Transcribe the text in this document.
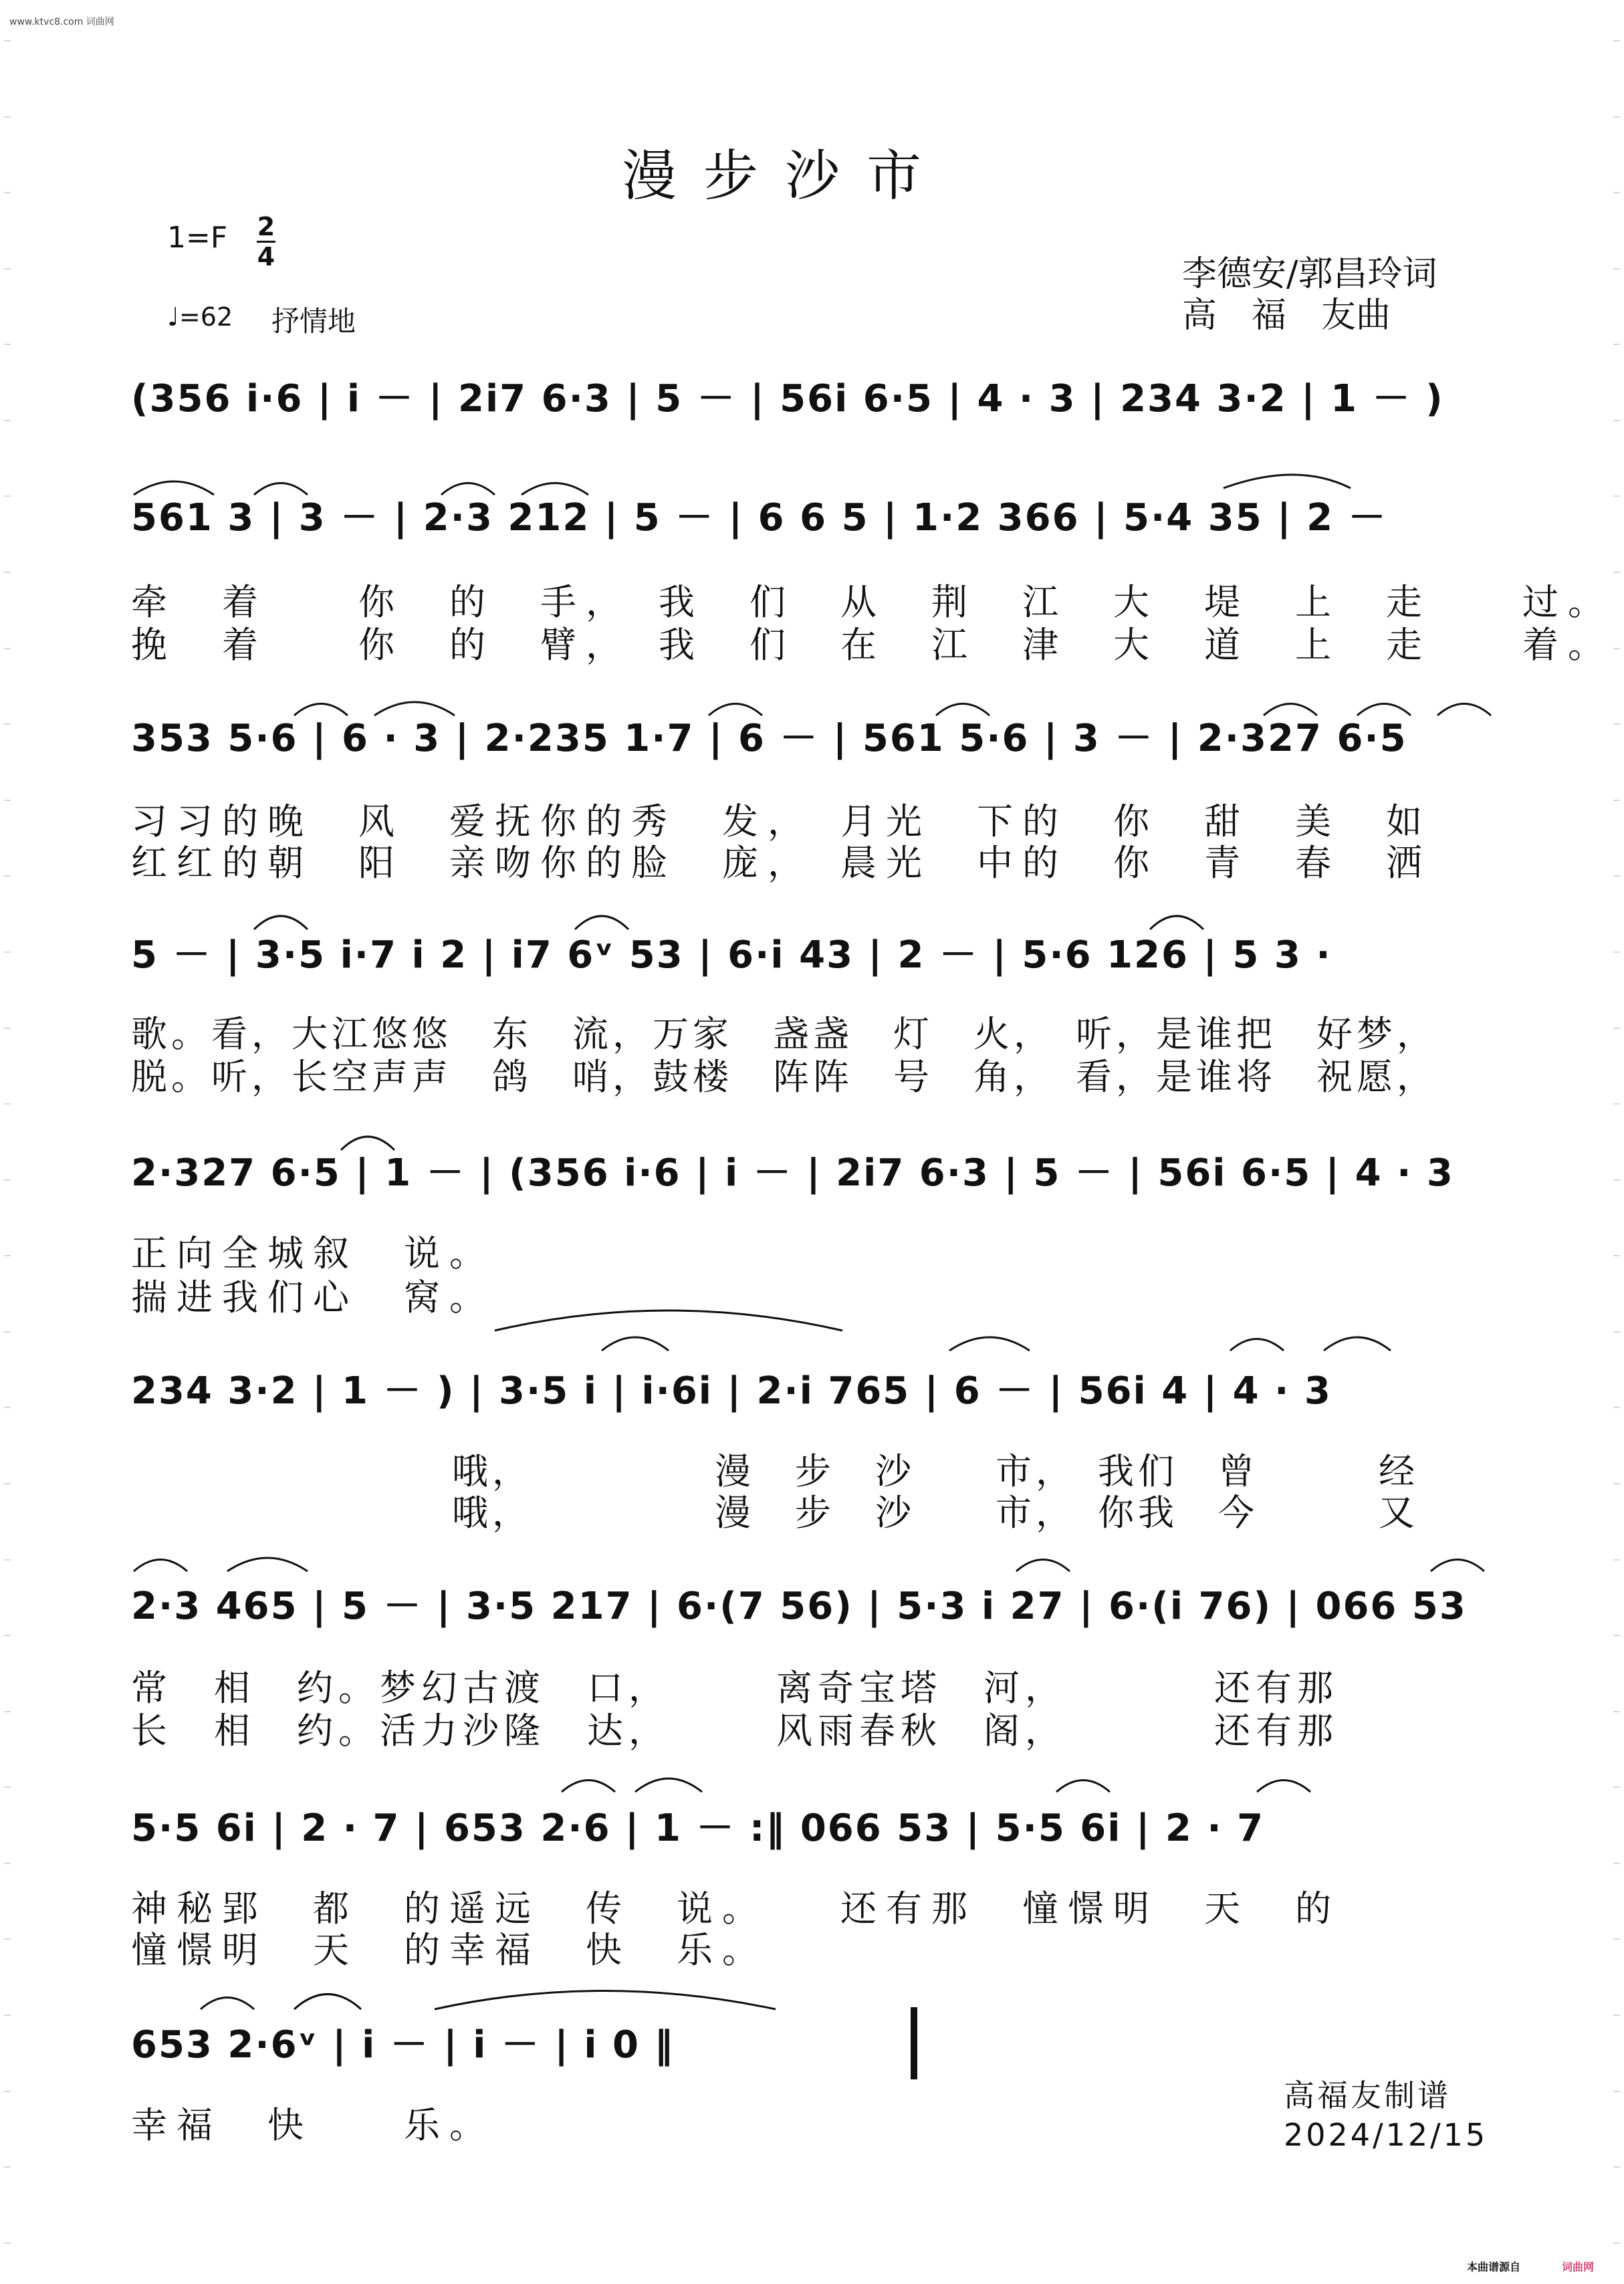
www.ktvc8.com 词曲网
漫步沙市
1=F 2
4
♩=62 抒情地
李德安/郭昌玲词
高　福　友曲
(356 i·6 | i － | 2i7 6·3 | 5 － | 56i 6·5 | 4 · 3 | 234 3·2 | 1 － )
561 3 | 3 － | 2·3 212 | 5 － | 6 6 5 | 1·2 366 | 5·4 35 | 2 －
牵　着　　你　的　手，　我　们　从　荆　江　大　堤　上　走　　过。
挽　着　　你　的　臂，　我　们　在　江　津　大　道　上　走　　着。
353 5·6 | 6 · 3 | 2·235 1·7 | 6 － | 561 5·6 | 3 － | 2·327 6·5
习习的晚　风　爱抚你的秀　发，　月光　下的　你　甜　美　如
红红的朝　阳　亲吻你的脸　庞，　晨光　中的　你　青　春　洒
5 － | 3·5 i·7 i 2 | i7 6ᵛ 53 | 6·i 43 | 2 － | 5·6 126 | 5 3 ·
歌。看，大江悠悠　东　流，万家　盏盏　灯　火，　听，是谁把　好梦，
脱。听，长空声声　鸽　哨，鼓楼　阵阵　号　角，　看，是谁将　祝愿，
2·327 6·5 | 1 － | (356 i·6 | i － | 2i7 6·3 | 5 － | 56i 6·5 | 4 · 3
正向全城叙　说。
揣进我们心　窝。
234 3·2 | 1 － ) | 3·5 i | i·6i | 2·i 765 | 6 － | 56i 4 | 4 · 3
　　　　　　　　哦，　　　　　漫　步　沙　　市，　我们　曾　　　经
　　　　　　　　哦，　　　　　漫　步　沙　　市，　你我　今　　　又
2·3 465 | 5 － | 3·5 217 | 6·(7 56) | 5·3 i 27 | 6·(i 76) | 066 53
常　相　约。梦幻古渡　口，　　　离奇宝塔　河，　　　　还有那
长　相　约。活力沙隆　达，　　　风雨春秋　阁，　　　　还有那
5·5 6i | 2 · 7 | 653 2·6 | 1 － :‖ 066 53 | 5·5 6i | 2 · 7
神秘郢　都　的遥远　传　说。　　还有那　憧憬明　天　的
憧憬明　天　的幸福　快　乐。
653 2·6ᵛ | i － | i － | i 0 ‖
幸福　快　　乐。
高福友制谱
2024/12/15
本曲谱源自	词曲网
